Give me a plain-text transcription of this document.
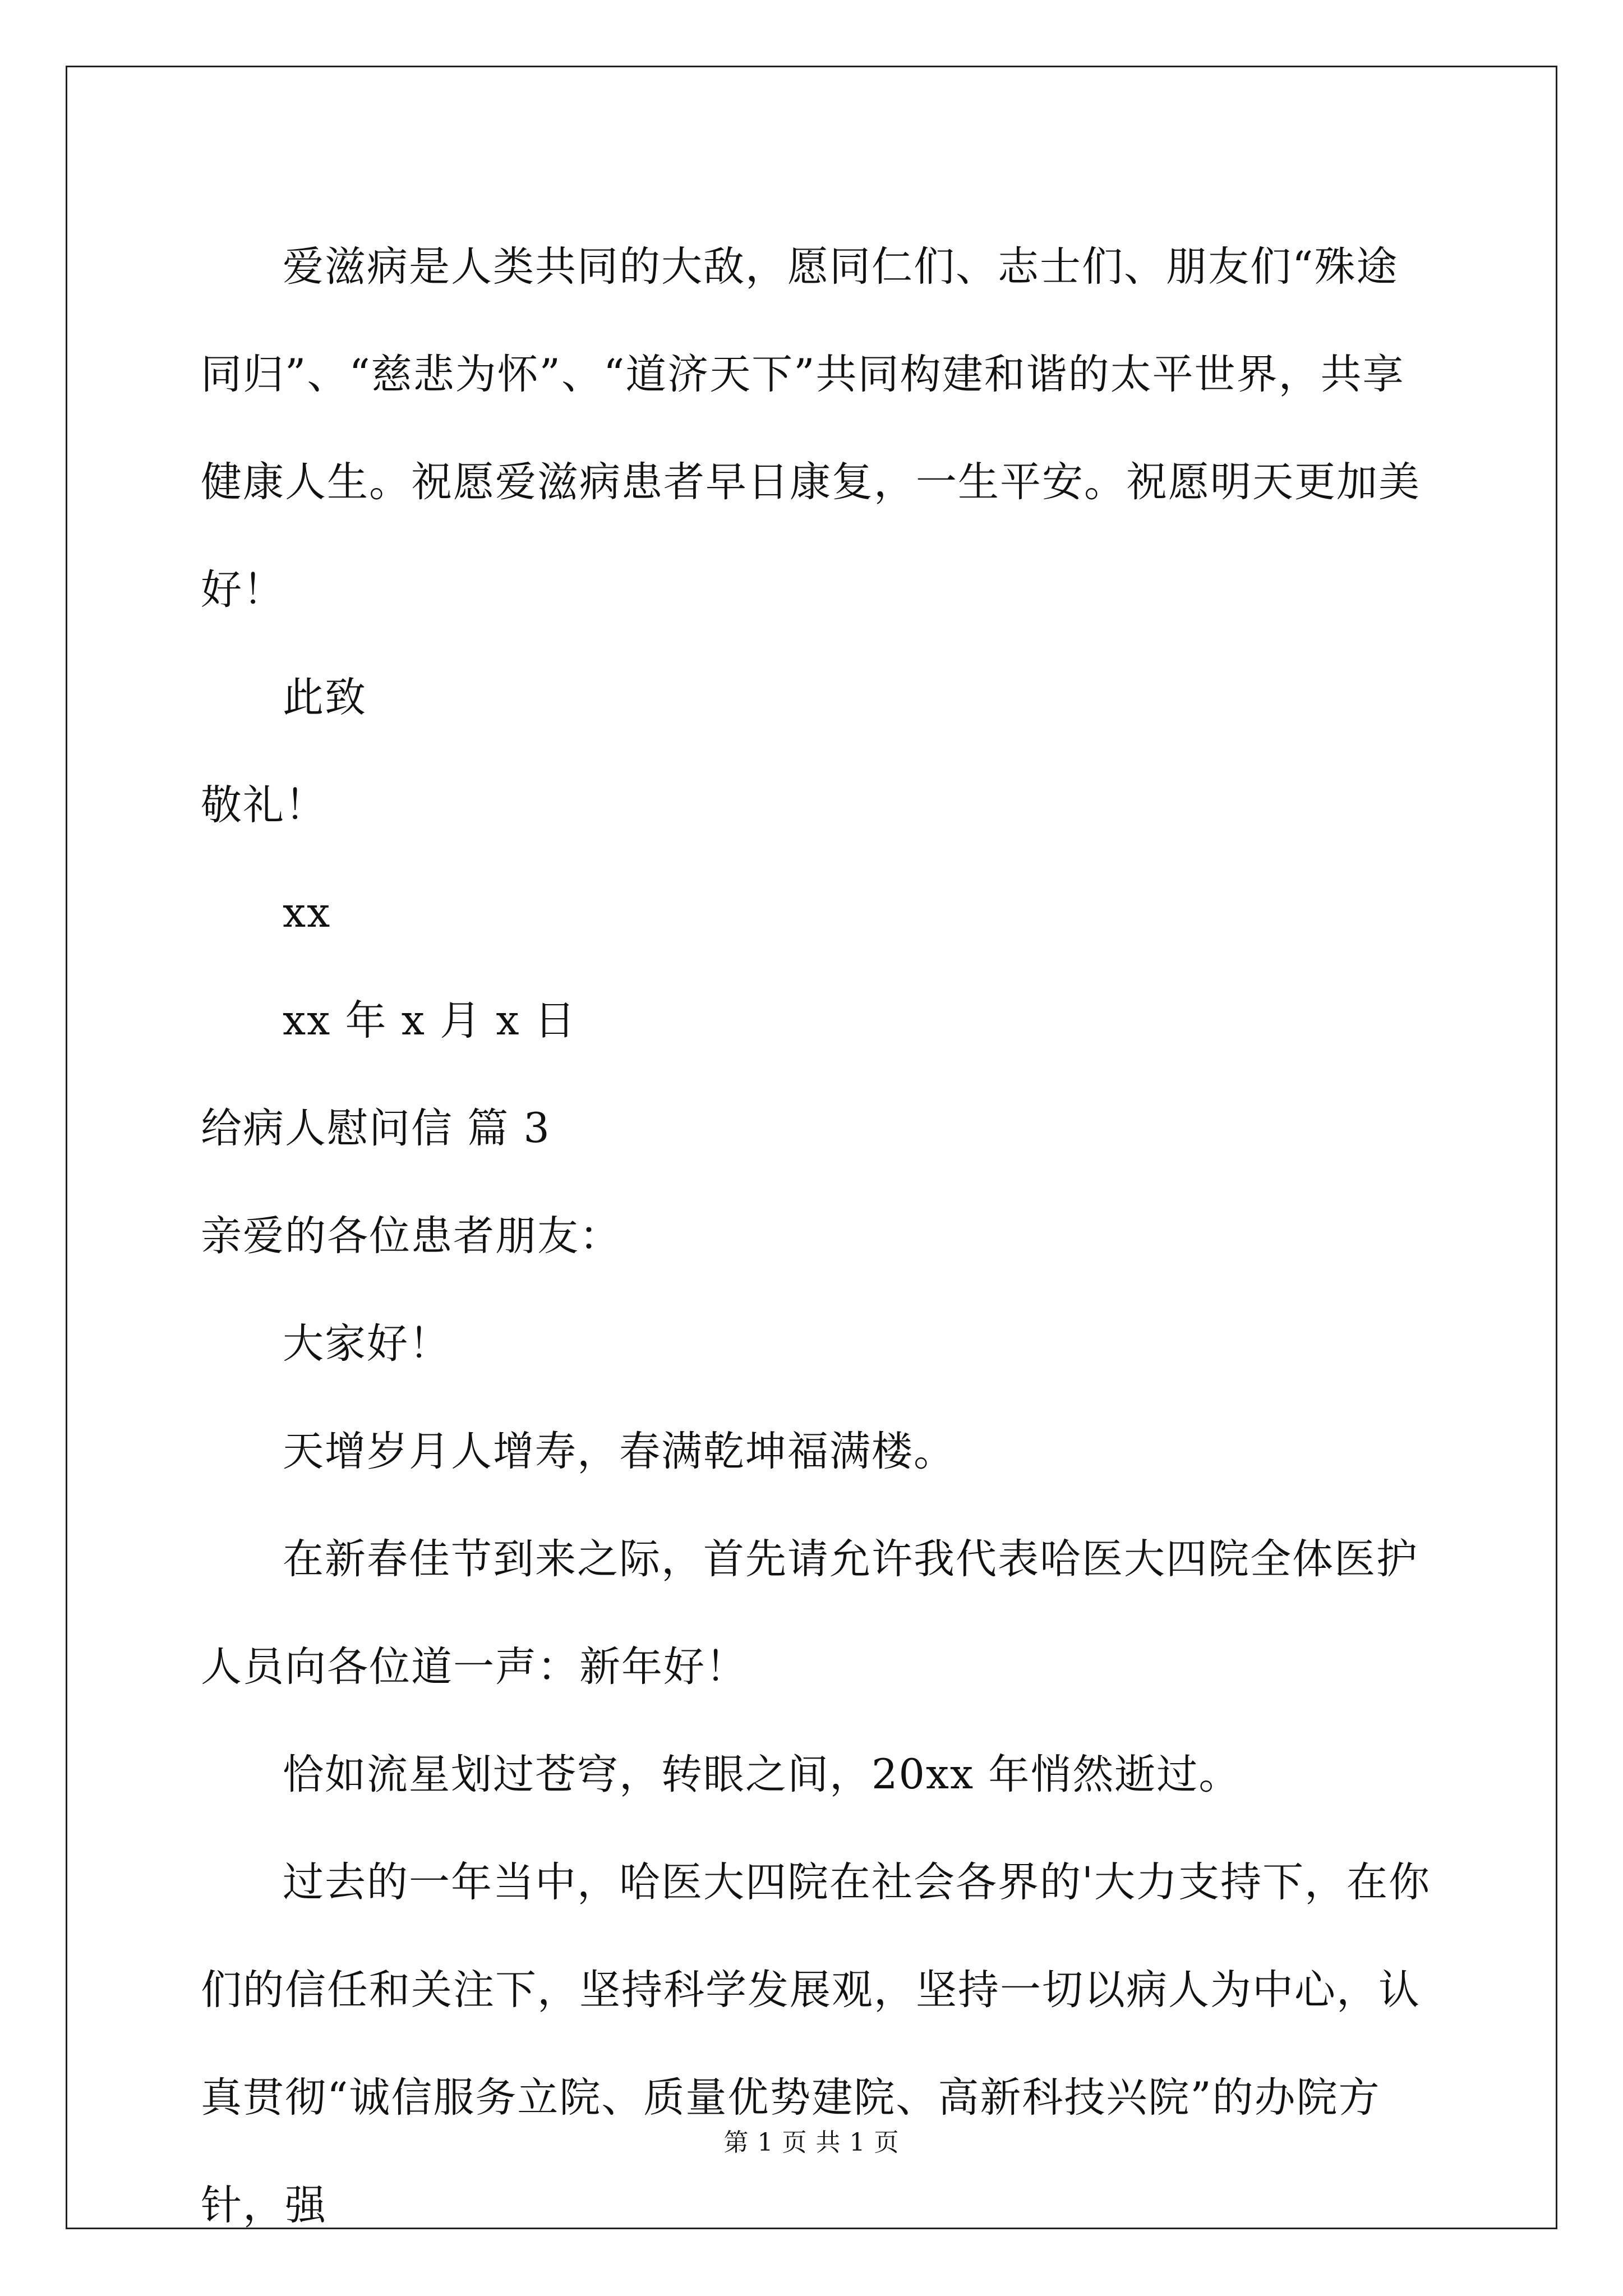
爱滋病是人类共同的大敌，愿同仁们、志士们、朋友们“殊途同归”、“慈悲为怀”、“道济天下”共同构建和谐的太平世界，共享健康人生。祝愿爱滋病患者早日康复，一生平安。祝愿明天更加美好！

此致

敬礼！

xx

xx 年 x 月 x 日

给病人慰问信 篇 3

亲爱的各位患者朋友：

大家好！

天增岁月人增寿，春满乾坤福满楼。

在新春佳节到来之际，首先请允许我代表哈医大四院全体医护人员向各位道一声：新年好！

恰如流星划过苍穹，转眼之间，20xx 年悄然逝过。

过去的一年当中，哈医大四院在社会各界的'大力支持下，在你们的信任和关注下，坚持科学发展观，坚持一切以病人为中心，认真贯彻“诚信服务立院、质量优势建院、高新科技兴院”的办院方针，强

第 1 页 共 1 页
